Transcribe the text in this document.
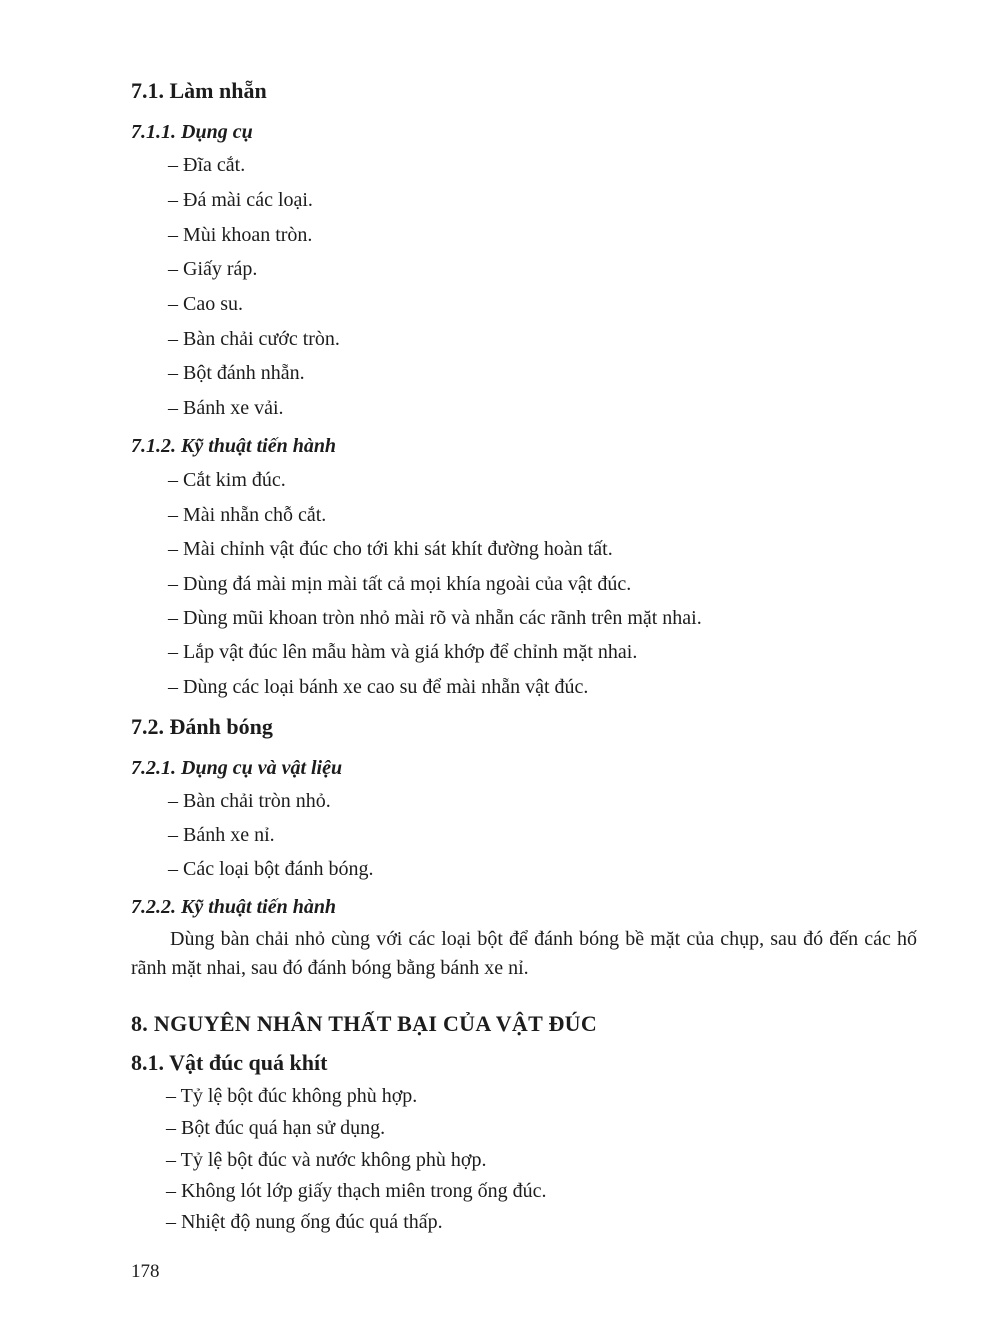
7.1. Làm nhẵn
7.1.1. Dụng cụ
– Đĩa cắt.
– Đá mài các loại.
– Mùi khoan tròn.
– Giấy ráp.
– Cao su.
– Bàn chải cước tròn.
– Bột đánh nhẵn.
– Bánh xe vải.
7.1.2. Kỹ thuật tiến hành
– Cắt kim đúc.
– Mài nhẵn chỗ cắt.
– Mài chỉnh vật đúc cho tới khi sát khít đường hoàn tất.
– Dùng đá mài mịn mài tất cả mọi khía ngoài của vật đúc.
– Dùng mũi khoan tròn nhỏ mài rõ và nhẵn các rãnh trên mặt nhai.
– Lắp vật đúc lên mẫu hàm và giá khớp để chỉnh mặt nhai.
– Dùng các loại bánh xe cao su để mài nhẵn vật đúc.
7.2. Đánh bóng
7.2.1. Dụng cụ và vật liệu
– Bàn chải tròn nhỏ.
– Bánh xe nỉ.
– Các loại bột đánh bóng.
7.2.2. Kỹ thuật tiến hành
Dùng bàn chải nhỏ cùng với các loại bột để đánh bóng bề mặt của chụp, sau đó đến các hố rãnh mặt nhai, sau đó đánh bóng bằng bánh xe nỉ.
8. NGUYÊN NHÂN THẤT BẠI CỦA VẬT ĐÚC
8.1. Vật đúc quá khít
– Tỷ lệ bột đúc không phù hợp.
– Bột đúc quá hạn sử dụng.
– Tỷ lệ bột đúc và nước không phù hợp.
– Không lót lớp giấy thạch miên trong ống đúc.
– Nhiệt độ nung ống đúc quá thấp.
178
